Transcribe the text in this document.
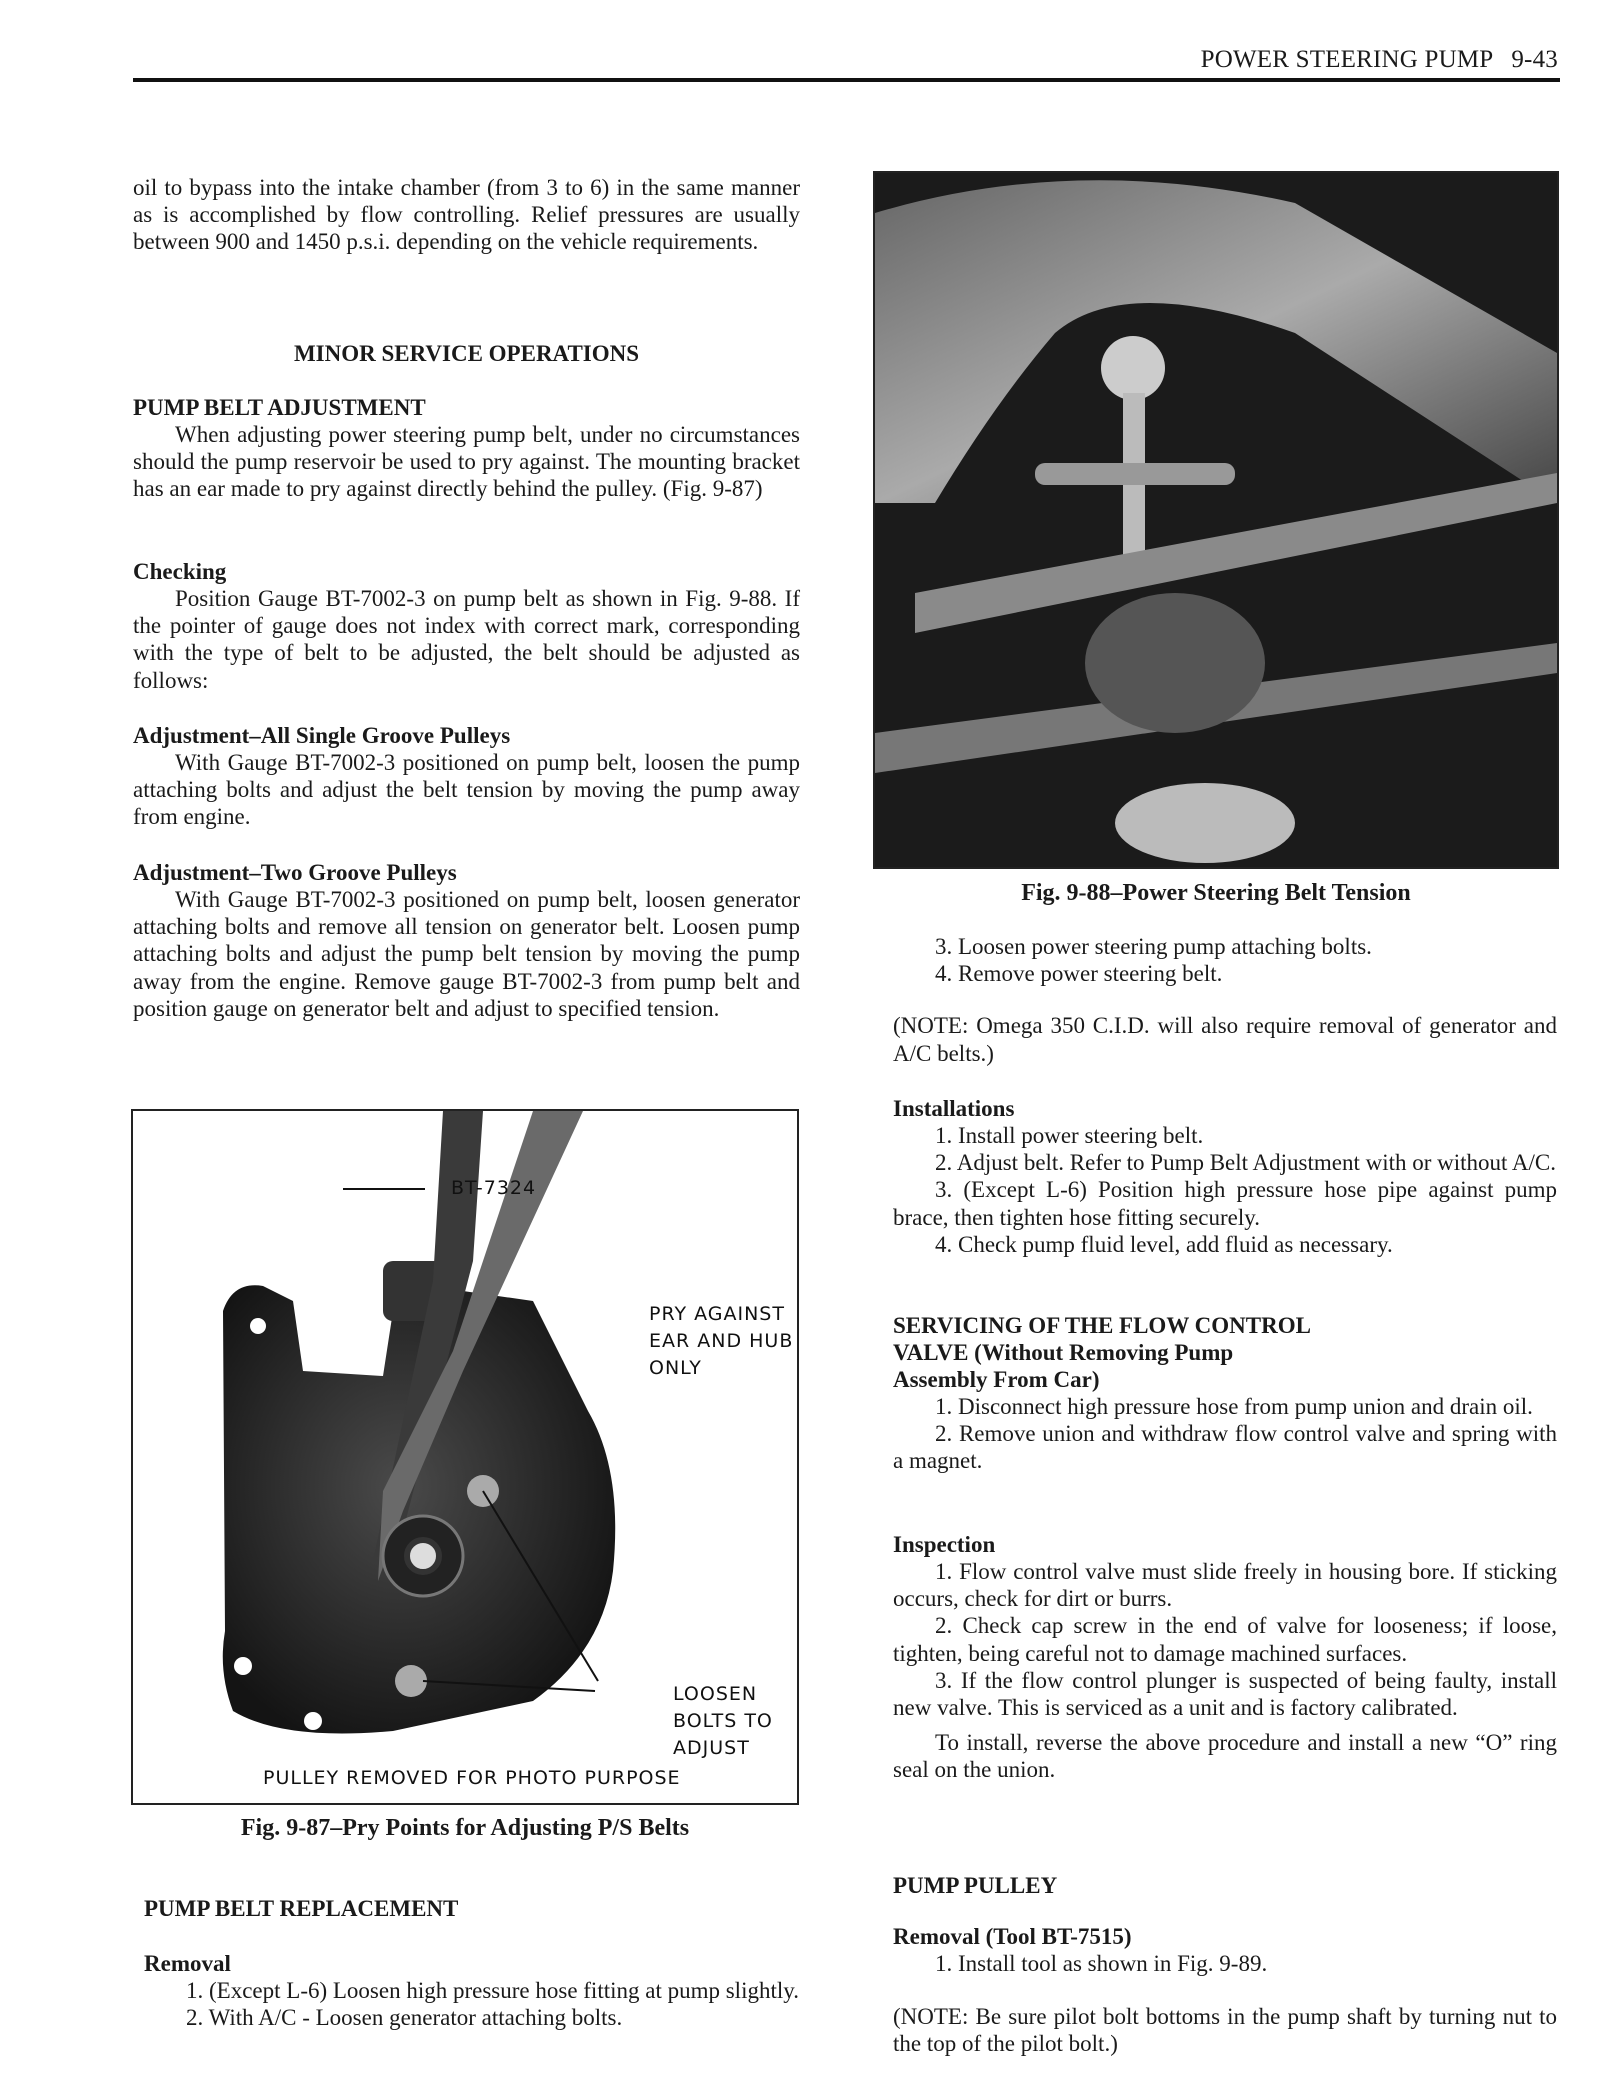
POWER STEERING PUMP 9-43

oil to bypass into the intake chamber (from 3 to 6) in the same manner as is accomplished by flow controlling. Relief pressures are usually between 900 and 1450 p.s.i. depending on the vehicle requirements.

MINOR SERVICE OPERATIONS

PUMP BELT ADJUSTMENT

When adjusting power steering pump belt, under no circumstances should the pump reservoir be used to pry against. The mounting bracket has an ear made to pry against directly behind the pulley. (Fig. 9-87)

Checking

Position Gauge BT-7002-3 on pump belt as shown in Fig. 9-88. If the pointer of gauge does not index with correct mark, corresponding with the type of belt to be adjusted, the belt should be adjusted as follows:

Adjustment–All Single Groove Pulleys

With Gauge BT-7002-3 positioned on pump belt, loosen the pump attaching bolts and adjust the belt tension by moving the pump away from engine.

Adjustment–Two Groove Pulleys

With Gauge BT-7002-3 positioned on pump belt, loosen generator attaching bolts and remove all tension on generator belt. Loosen pump attaching bolts and adjust the pump belt tension by moving the pump away from the engine. Remove gauge BT-7002-3 from pump belt and position gauge on generator belt and adjust to specified tension.

BT-7324
PRY AGAINST
EAR AND HUB
ONLY
LOOSEN
BOLTS TO
ADJUST
PULLEY REMOVED FOR PHOTO PURPOSE
Fig. 9-87–Pry Points for Adjusting P/S Belts

PUMP BELT REPLACEMENT

Removal

1. (Except L-6) Loosen high pressure hose fitting at pump slightly.

2. With A/C - Loosen generator attaching bolts.

Fig. 9-88–Power Steering Belt Tension

3. Loosen power steering pump attaching bolts.

4. Remove power steering belt.

(NOTE: Omega 350 C.I.D. will also require removal of generator and A/C belts.)

Installations

1. Install power steering belt.

2. Adjust belt. Refer to Pump Belt Adjustment with or without A/C.

3. (Except L-6) Position high pressure hose pipe against pump brace, then tighten hose fitting securely.

4. Check pump fluid level, add fluid as necessary.

SERVICING OF THE FLOW CONTROL

VALVE (Without Removing Pump

Assembly From Car)

1. Disconnect high pressure hose from pump union and drain oil.

2. Remove union and withdraw flow control valve and spring with a magnet.

Inspection

1. Flow control valve must slide freely in housing bore. If sticking occurs, check for dirt or burrs.

2. Check cap screw in the end of valve for looseness; if loose, tighten, being careful not to damage machined surfaces.

3. If the flow control plunger is suspected of being faulty, install new valve. This is serviced as a unit and is factory calibrated.

To install, reverse the above procedure and install a new “O” ring seal on the union.

PUMP PULLEY

Removal (Tool BT-7515)

1. Install tool as shown in Fig. 9-89.

(NOTE: Be sure pilot bolt bottoms in the pump shaft by turning nut to the top of the pilot bolt.)
